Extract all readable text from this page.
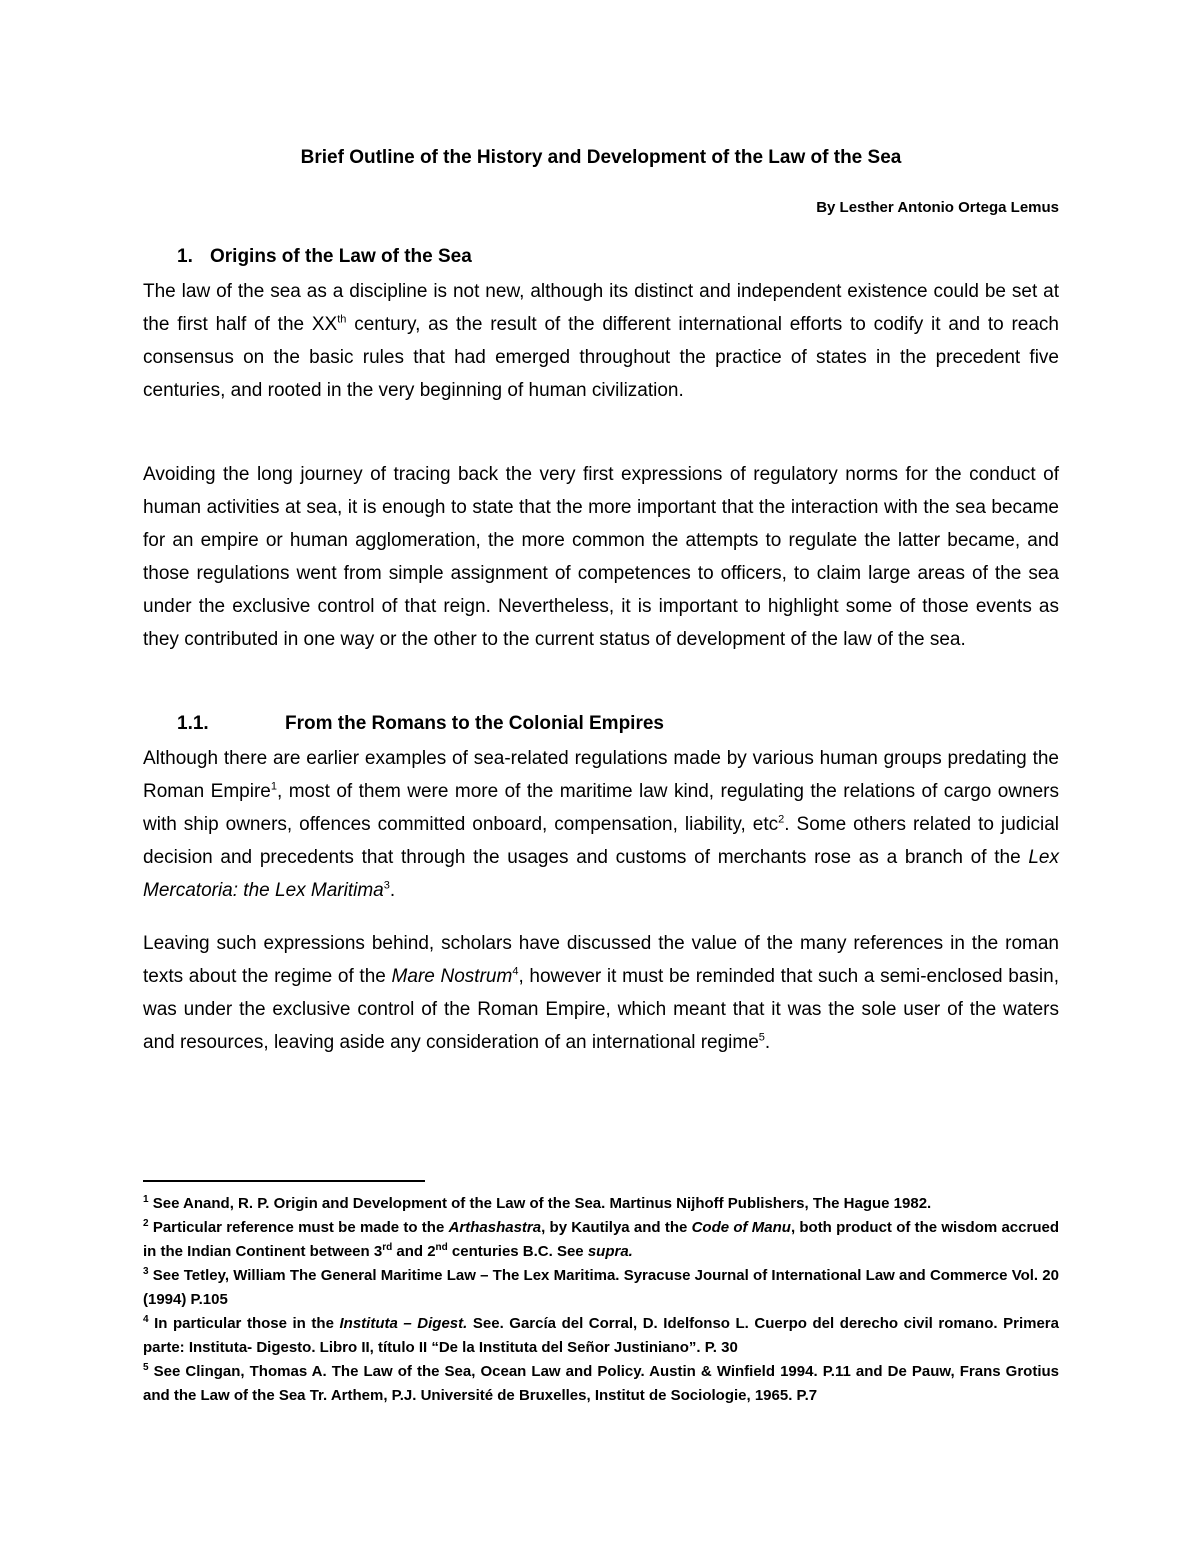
Brief Outline of the History and Development of the Law of the Sea
By Lesther Antonio Ortega Lemus
1. Origins of the Law of the Sea

The law of the sea as a discipline is not new, although its distinct and independent existence could be set at the first half of the XXth century, as the result of the different international efforts to codify it and to reach consensus on the basic rules that had emerged throughout the practice of states in the precedent five centuries, and rooted in the very beginning of human civilization.

Avoiding the long journey of tracing back the very first expressions of regulatory norms for the conduct of human activities at sea, it is enough to state that the more important that the interaction with the sea became for an empire or human agglomeration, the more common the attempts to regulate the latter became, and those regulations went from simple assignment of competences to officers, to claim large areas of the sea under the exclusive control of that reign. Nevertheless, it is important to highlight some of those events as they contributed in one way or the other to the current status of development of the law of the sea.

1.1.	From the Romans to the Colonial Empires

Although there are earlier examples of sea-related regulations made by various human groups predating the Roman Empire$^1$, most of them were more of the maritime law kind, regulating the relations of cargo owners with ship owners, offences committed onboard, compensation, liability, etc$^2$. Some others related to judicial decision and precedents that through the usages and customs of merchants rose as a branch of the Lex Mercatoria: the Lex Maritima$^3$.

Leaving such expressions behind, scholars have discussed the value of the many references in the roman texts about the regime of the Mare Nostrum$^4$, however it must be reminded that such a semi-enclosed basin, was under the exclusive control of the Roman Empire, which meant that it was the sole user of the waters and resources, leaving aside any consideration of an international regime$^5$.

$^1$ See Anand, R. P. Origin and Development of the Law of the Sea. Martinus Nijhoff Publishers, The Hague 1982.

$^2$ Particular reference must be made to the Arthashastra, by Kautilya and the Code of Manu, both product of the wisdom accrued in the Indian Continent between 3rd and 2nd centuries B.C. See supra.

$^3$ See Tetley, William The General Maritime Law – The Lex Maritima. Syracuse Journal of International Law and Commerce Vol. 20 (1994) P.105

$^4$ In particular those in the Instituta – Digest. See. García del Corral, D. Idelfonso L. Cuerpo del derecho civil romano. Primera parte: Instituta- Digesto. Libro II, título II “De la Instituta del Señor Justiniano”. P. 30

$^5$ See Clingan, Thomas A. The Law of the Sea, Ocean Law and Policy. Austin & Winfield 1994. P.11 and De Pauw, Frans Grotius and the Law of the Sea Tr. Arthem, P.J. Université de Bruxelles, Institut de Sociologie, 1965. P.7
